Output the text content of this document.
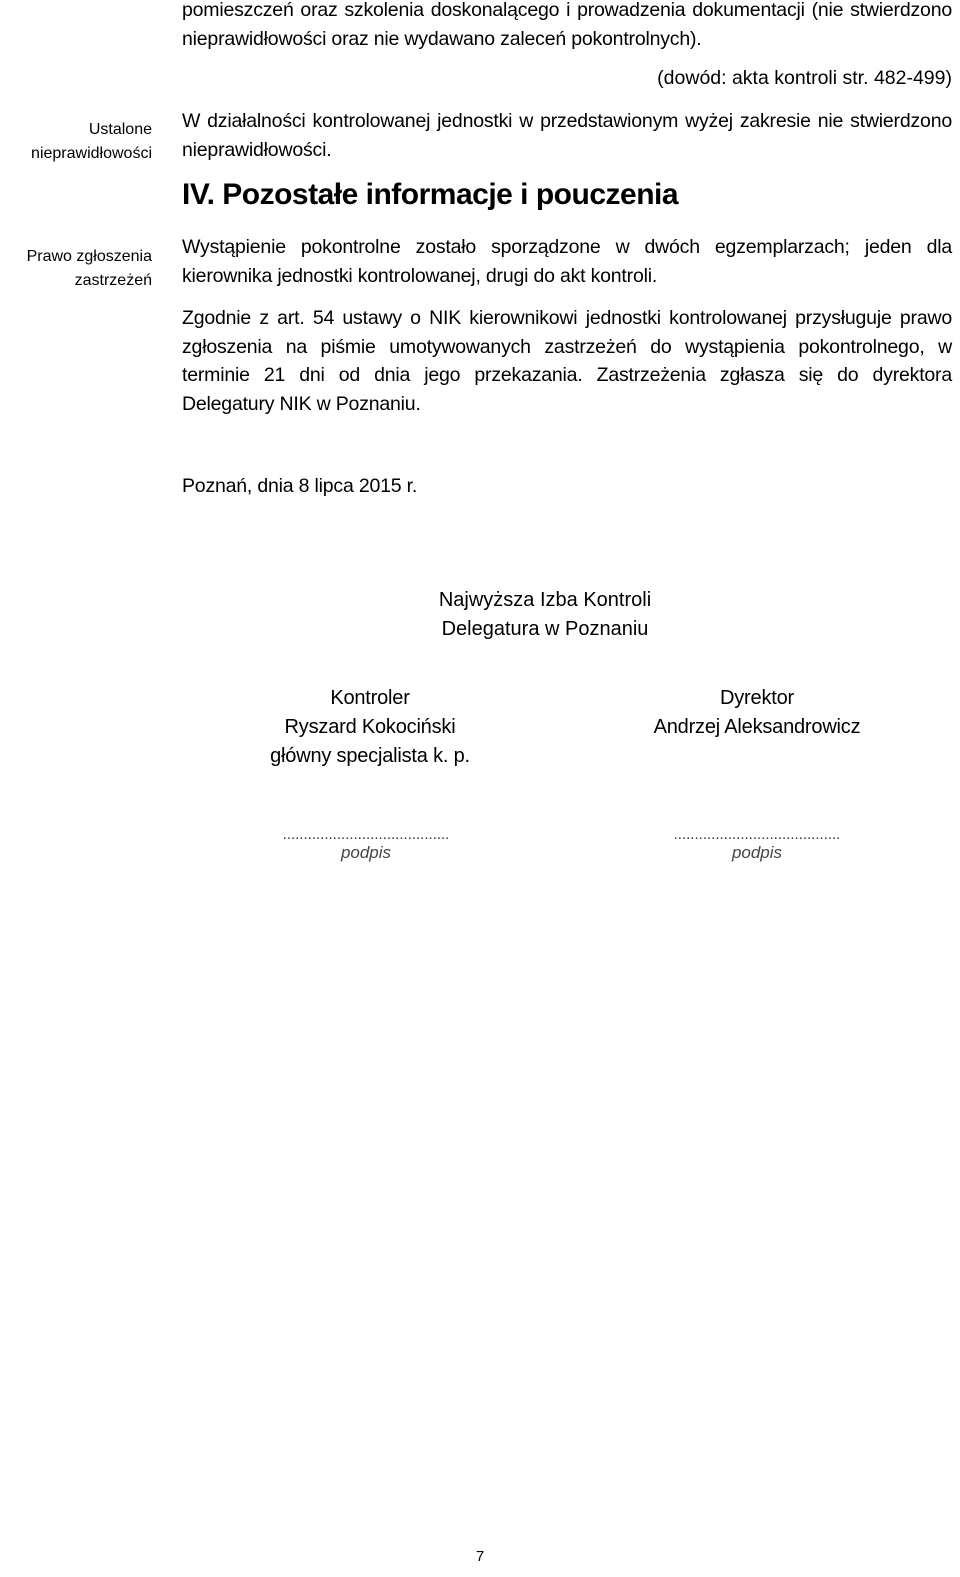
Ustalone nieprawidłowości
Prawo zgłoszenia zastrzeżeń

pomieszczeń oraz szkolenia doskonalącego i prowadzenia dokumentacji (nie stwierdzono nieprawidłowości oraz nie wydawano zaleceń pokontrolnych).

(dowód: akta kontroli str. 482-499)

W działalności kontrolowanej jednostki w przedstawionym wyżej zakresie nie stwierdzono nieprawidłowości.

IV. Pozostałe informacje i pouczenia

Wystąpienie pokontrolne zostało sporządzone w dwóch egzemplarzach; jeden dla kierownika jednostki kontrolowanej, drugi do akt kontroli.

Zgodnie z art. 54 ustawy o NIK kierownikowi jednostki kontrolowanej przysługuje prawo zgłoszenia na piśmie umotywowanych zastrzeżeń do wystąpienia pokontrolnego, w terminie 21 dni od dnia jego przekazania. Zastrzeżenia zgłasza się do dyrektora Delegatury NIK w Poznaniu.

Poznań, dnia 8 lipca 2015 r.
Najwyższa Izba Kontroli
Delegatura w Poznaniu
Kontroler
Ryszard Kokociński
główny specjalista k. p.
Dyrektor
Andrzej Aleksandrowicz
........................................
podpis
........................................
podpis
7
